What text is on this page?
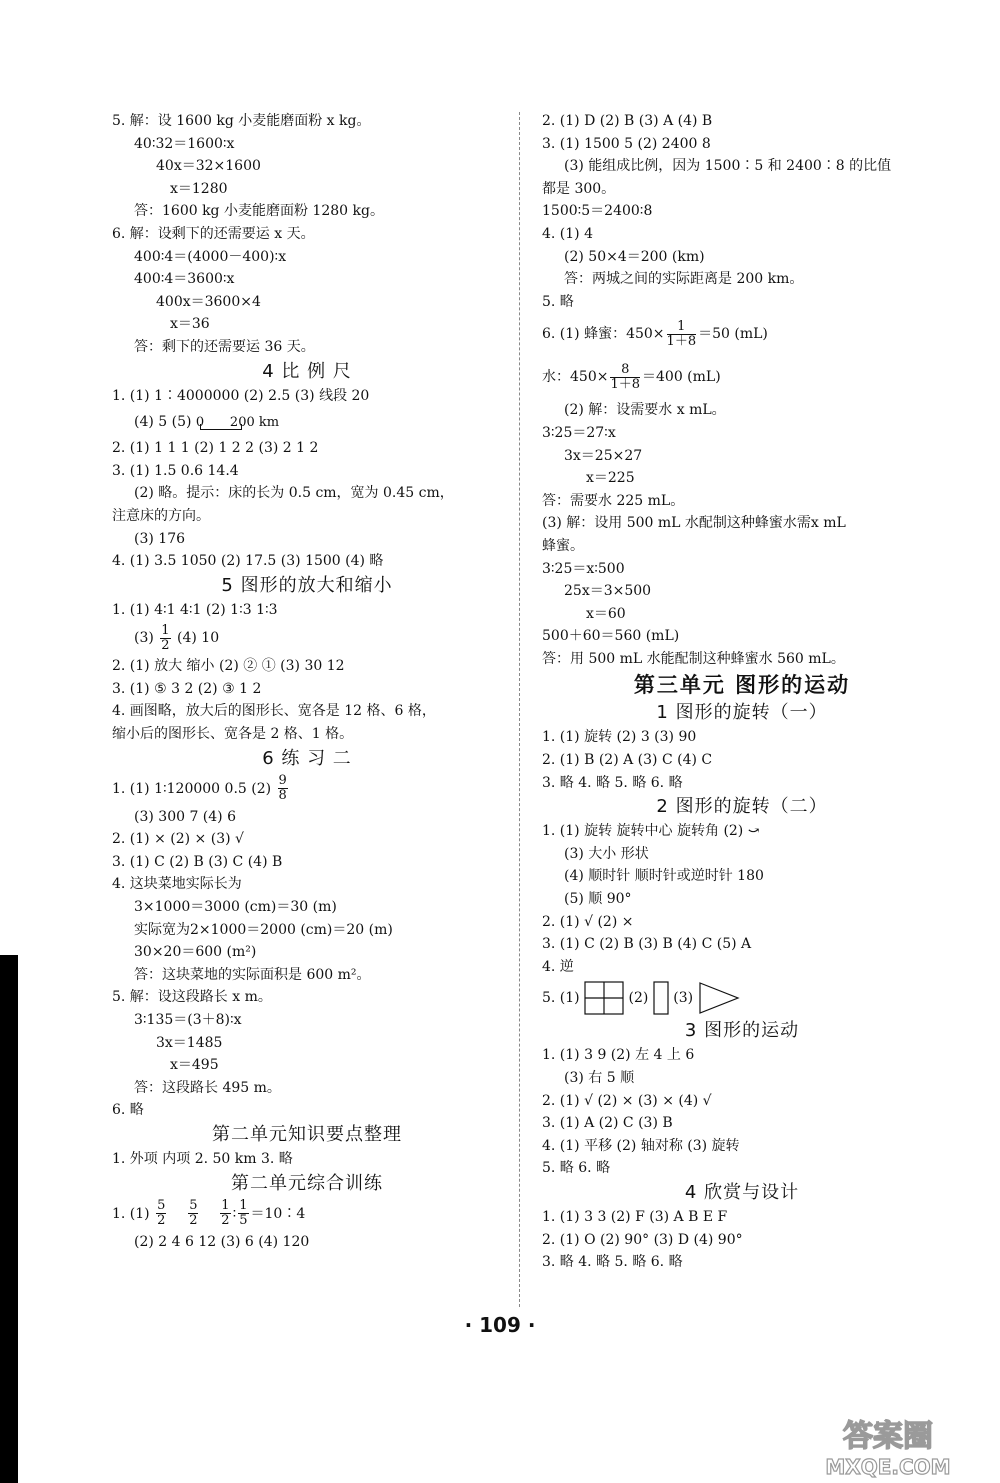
5. 解：设 1600 kg 小麦能磨面粉 x kg。
40∶32＝1600∶x
40x＝32×1600
x＝1280
答：1600 kg 小麦能磨面粉 1280 kg。
6. 解：设剩下的还需要运 x 天。
400∶4＝(4000－400)∶x
400∶4＝3600∶x
400x＝3600×4
x＝36
答：剩下的还需要运 36 天。
4 比 例 尺
1. (1) 1∶4000000 (2) 2.5 (3) 线段 20
(4) 5 (5) 0 200 km
2. (1) 1 1 1 (2) 1 2 2 (3) 2 1 2
3. (1) 1.5 0.6 14.4
(2) 略。提示：床的长为 0.5 cm，宽为 0.45 cm，
注意床的方向。
(3) 176
4. (1) 3.5 1050 (2) 17.5 (3) 1500 (4) 略
5 图形的放大和缩小
1. (1) 4∶1 4∶1 (2) 1∶3 1∶3
$(3) \frac{1}{2} (4)$ 10
2. (1) 放大 缩小 (2) ② ① (3) 30 12
3. (1) ⑤ 3 2 (2) ③ 1 2
4. 画图略，放大后的图形长、宽各是 12 格、6 格，
缩小后的图形长、宽各是 2 格、1 格。
6 练 习 二
1. (1) 1∶120000 0.5 $(2) \frac{9}{8}$
(3) 300 7 (4) 6
2. (1) × (2) × (3) √
3. (1) C (2) B (3) C (4) B
4. 这块菜地实际长为
3×1000＝3000 (cm)＝30 (m)
实际宽为2×1000＝2000 (cm)＝20 (m)
30×20＝600 (m²)
答：这块菜地的实际面积是 600 m²。
5. 解：设这段路长 x m。
3∶135＝(3＋8)∶x
3x＝1485
x＝495
答：这段路长 495 m。
6. 略
第二单元知识要点整理
1. 外项 内项 2. 50 km 3. 略
第二单元综合训练
1. $(1) \frac{5}{2}$
$\frac{5}{2}$
$\frac{1}{2}$ ∶ $\frac{1}{5}$ ＝10∶4
(2) 2 4 6 12 (3) 6 (4) 120
2. (1) D (2) B (3) A (4) B
3. (1) 1500 5 (2) 2400 8
(3) 能组成比例，因为 1500∶5 和 2400∶8 的比值
都是 300。
1500∶5＝2400∶8
4. (1) 4
(2) 50×4＝200 (km)
答：两城之间的实际距离是 200 km。
5. 略
6. (1) 蜂蜜：$450\times \frac{1}{1+8} =50$ (mL)
水：$450\times \frac{8}{1+8} =400$ (mL)
(2) 解：设需要水 x mL。
3∶25＝27∶x
3x＝25×27
x＝225
答：需要水 225 mL。
(3) 解：设用 500 mL 水配制这种蜂蜜水需x mL
蜂蜜。
3∶25＝x∶500
25x＝3×500
x＝60
500＋60＝560 (mL)
答：用 500 mL 水能配制这种蜂蜜水 560 mL。
第三单元 图形的运动
1 图形的旋转（一）
1. (1) 旋转 (2) 3 (3) 90
2. (1) B (2) A (3) C (4) C
3. 略 4. 略 5. 略 6. 略
2 图形的旋转（二）
1. (1) 旋转 旋转中心 旋转角 (2) ⤻
(3) 大小 形状
(4) 顺时针 顺时针或逆时针 180
(5) 顺 90°
2. (1) √ (2) ×
3. (1) C (2) B (3) B (4) C (5) A
4. 逆
5. (1)	(2)  (3)
3 图形的运动
1. (1) 3 9 (2) 左 4 上 6
(3) 右 5 顺
2. (1) √ (2) × (3) × (4) √
3. (1) A (2) C (3) B
4. (1) 平移 (2) 轴对称 (3) 旋转
5. 略 6. 略
4 欣赏与设计
1. (1) 3 3 (2) F (3) A B E F
2. (1) O (2) 90° (3) D (4) 90°
3. 略 4. 略 5. 略 6. 略
· 109 ·
答案圈
MXQE.COM
